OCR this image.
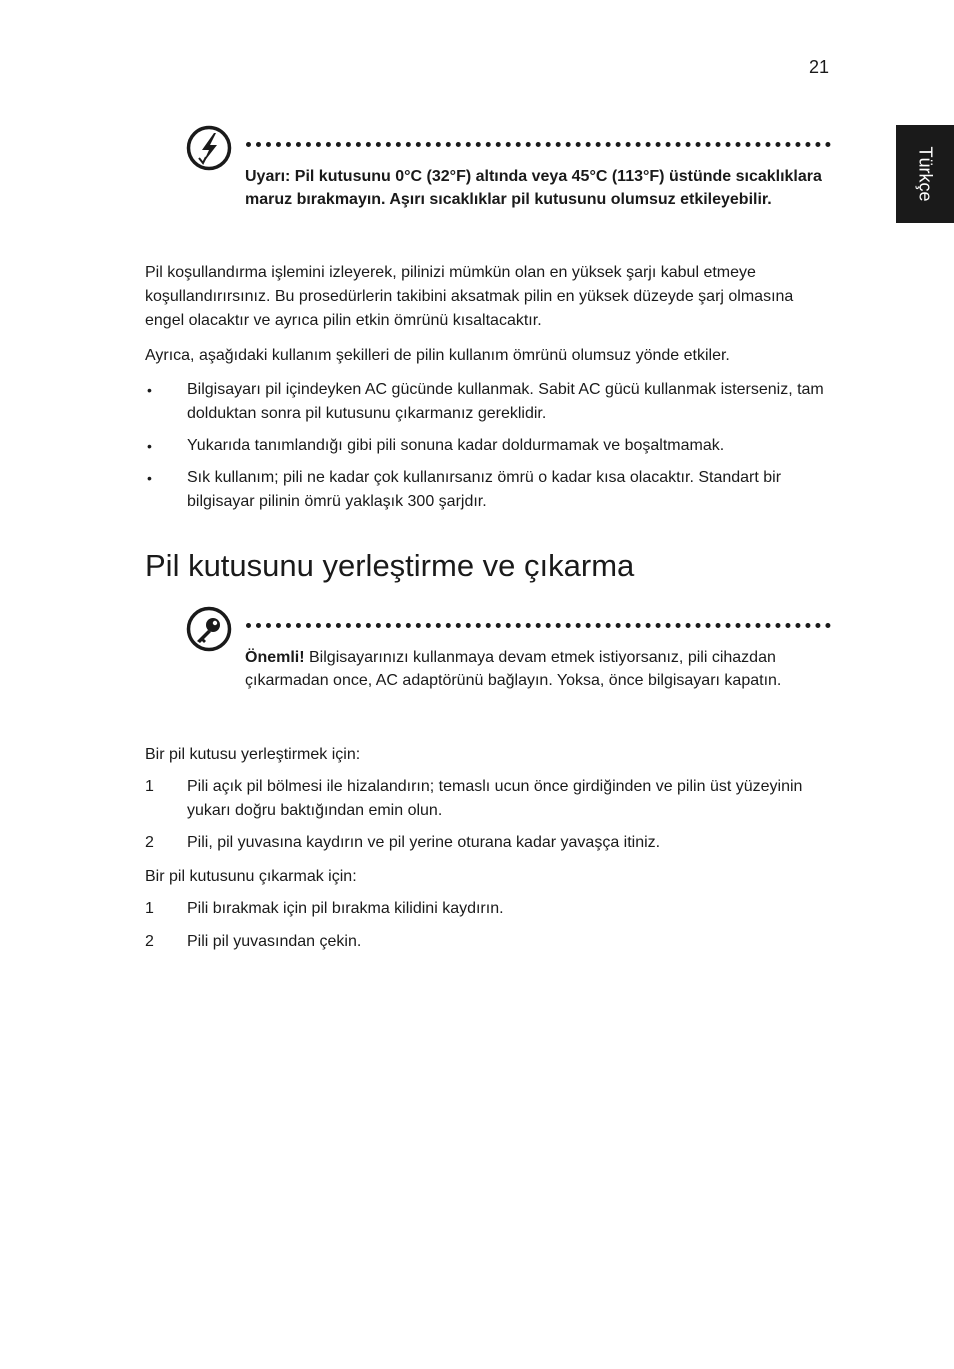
21
Türkçe
Uyarı: Pil kutusunu 0°C (32°F) altında veya 45°C (113°F) üstünde sıcaklıklara maruz bırakmayın. Aşırı sıcaklıklar pil kutusunu olumsuz etkileyebilir.

Pil koşullandırma işlemini izleyerek, pilinizi mümkün olan en yüksek şarjı kabul etmeye koşullandırırsınız. Bu prosedürlerin takibini aksatmak pilin en yüksek düzeyde şarj olmasına engel olacaktır ve ayrıca pilin etkin ömrünü kısaltacaktır.

Ayrıca, aşağıdaki kullanım şekilleri de pilin kullanım ömrünü olumsuz yönde etkiler.

• Bilgisayarı pil içindeyken AC gücünde kullanmak. Sabit AC gücü kullanmak isterseniz, tam dolduktan sonra pil kutusunu çıkarmanız gereklidir.
• Yukarıda tanımlandığı gibi pili sonuna kadar doldurmamak ve boşaltmamak.
• Sık kullanım; pili ne kadar çok kullanırsanız ömrü o kadar kısa olacaktır. Standart bir bilgisayar pilinin ömrü yaklaşık 300 şarjdır.
Pil kutusunu yerleştirme ve çıkarma
Önemli! Bilgisayarınızı kullanmaya devam etmek istiyorsanız, pili cihazdan çıkarmadan once, AC adaptörünü bağlayın. Yoksa, önce bilgisayarı kapatın.

Bir pil kutusu yerleştirmek için:

1 Pili açık pil bölmesi ile hizalandırın; temaslı ucun önce girdiğinden ve pilin üst yüzeyinin yukarı doğru baktığından emin olun.
2 Pili, pil yuvasına kaydırın ve pil yerine oturana kadar yavaşça itiniz.

Bir pil kutusunu çıkarmak için:

1 Pili bırakmak için pil bırakma kilidini kaydırın.
2 Pili pil yuvasından çekin.
